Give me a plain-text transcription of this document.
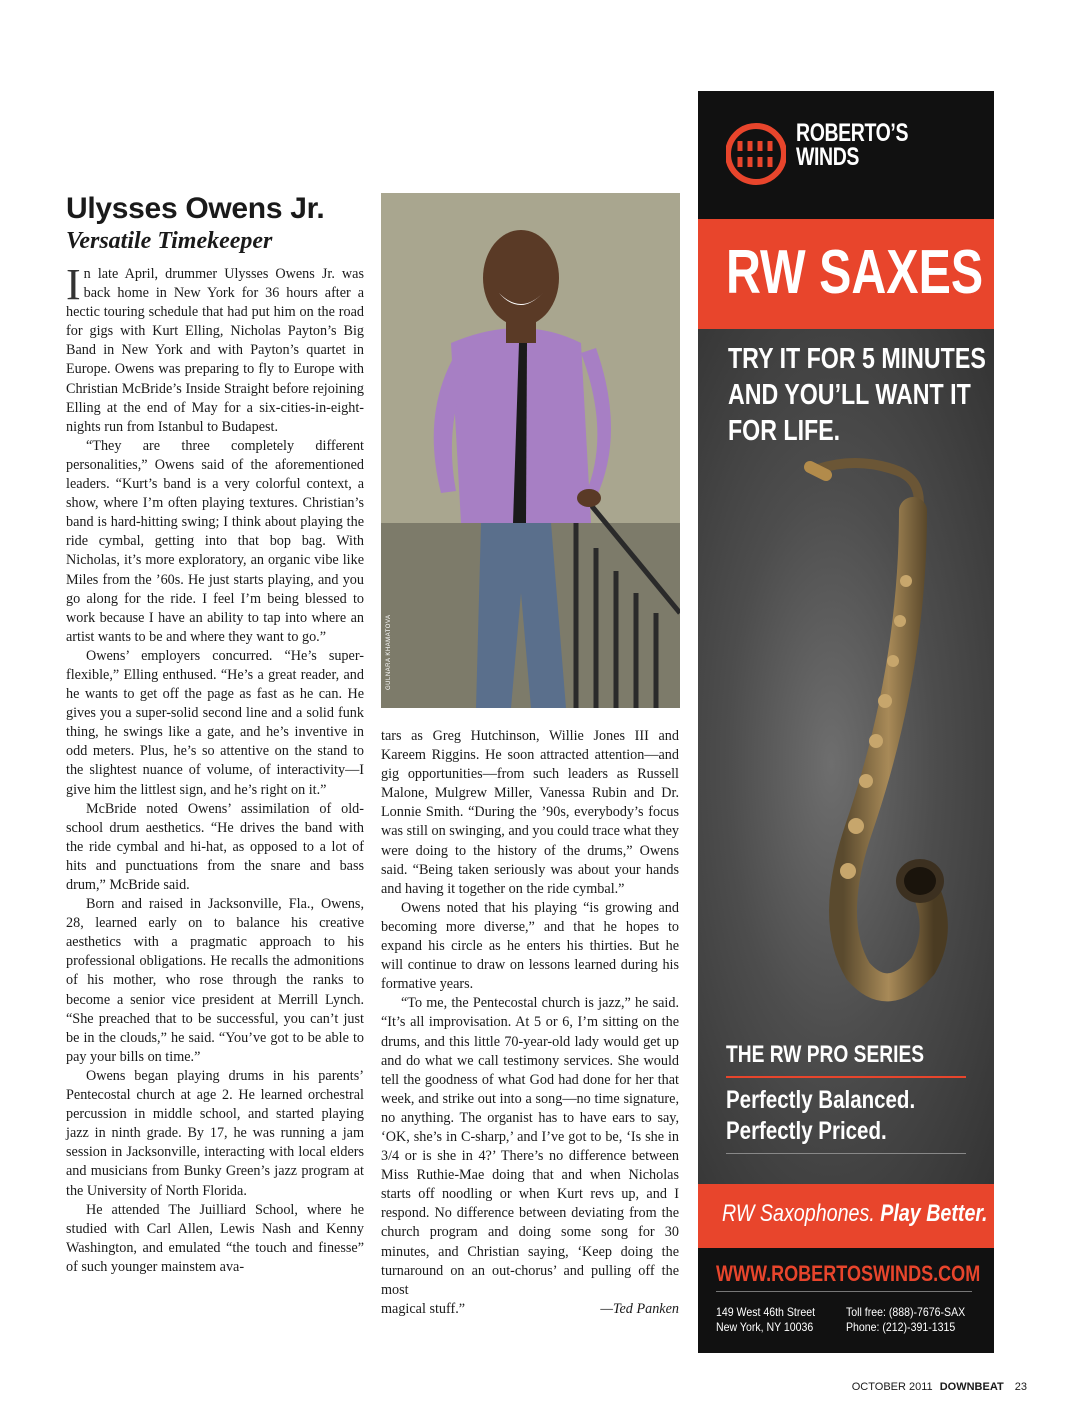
Ulysses Owens Jr.
Versatile Timekeeper

In late April, drummer Ulysses Owens Jr. was back home in New York for 36 hours after a hectic touring schedule that had put him on the road for gigs with Kurt Elling, Nicholas Payton’s Big Band in New York and with Payton’s quartet in Europe. Owens was preparing to fly to Europe with Christian McBride’s Inside Straight before rejoining Elling at the end of May for a six-cities-in-eight-nights run from Istanbul to Budapest.

“They are three completely different personalities,” Owens said of the aforementioned leaders. “Kurt’s band is a very colorful context, a show, where I’m often playing textures. Christian’s band is hard-hitting swing; I think about playing the ride cymbal, getting into that bop bag. With Nicholas, it’s more exploratory, an organic vibe like Miles from the ’60s. He just starts playing, and you go along for the ride. I feel I’m being blessed to work because I have an ability to tap into where an artist wants to be and where they want to go.”

Owens’ employers concurred. “He’s super-flexible,” Elling enthused. “He’s a great reader, and he wants to get off the page as fast as he can. He gives you a super-solid second line and a solid funk thing, he swings like a gate, and he’s inventive in odd meters. Plus, he’s so attentive on the stand to the slightest nuance of volume, of interactivity—I give him the littlest sign, and he’s right on it.”

McBride noted Owens’ assimilation of old-school drum aesthetics. “He drives the band with the ride cymbal and hi-hat, as opposed to a lot of hits and punctuations from the snare and bass drum,” McBride said.

Born and raised in Jacksonville, Fla., Owens, 28, learned early on to balance his creative aesthetics with a pragmatic approach to his professional obligations. He recalls the admonitions of his mother, who rose through the ranks to become a senior vice president at Merrill Lynch. “She preached that to be successful, you can’t just be in the clouds,” he said. “You’ve got to be able to pay your bills on time.”

Owens began playing drums in his parents’ Pentecostal church at age 2. He learned orchestral percussion in middle school, and started playing jazz in ninth grade. By 17, he was running a jam session in Jacksonville, interacting with local elders and musicians from Bunky Green’s jazz program at the University of North Florida.

He attended The Juilliard School, where he studied with Carl Allen, Lewis Nash and Kenny Washington, and emulated “the touch and finesse” of such younger mainstem ava-

GULNARA KHAMATOVA

tars as Greg Hutchinson, Willie Jones III and Kareem Riggins. He soon attracted attention—and gig opportunities—from such leaders as Russell Malone, Mulgrew Miller, Vanessa Rubin and Dr. Lonnie Smith. “During the ’90s, everybody’s focus was still on swinging, and you could trace what they were doing to the history of the drums,” Owens said. “Being taken seriously was about your hands and having it together on the ride cymbal.”

Owens noted that his playing “is growing and becoming more diverse,” and that he hopes to expand his circle as he enters his thirties. But he will continue to draw on lessons learned during his formative years.

“To me, the Pentecostal church is jazz,” he said. “It’s all improvisation. At 5 or 6, I’m sitting on the drums, and this little 70-year-old lady would get up and do what we call testimony services. She would tell the goodness of what God had done for her that week, and strike out into a song—no time signature, no anything. The organist has to have ears to say, ‘OK, she’s in C-sharp,’ and I’ve got to be, ‘Is she in 3/4 or is she in 4?’ There’s no difference between Miss Ruthie-Mae doing that and when Nicholas starts off noodling or when Kurt revs up, and I respond. No difference between deviating from the church program and doing some song for 30 minutes, and Christian saying, ‘Keep doing the turnaround on an out-chorus’ and pulling off the most

magical stuff.”	—Ted Panken

ROBERTO’S
WINDS
RW SAXES
TRY IT FOR 5 MINUTES
AND YOU’LL WANT IT
FOR LIFE.
THE RW PRO SERIES
Perfectly Balanced.
Perfectly Priced.
RW Saxophones. Play Better.
WWW.ROBERTOSWINDS.COM
149 West 46th Street
New York, NY 10036
Toll free: (888)-7676-SAX
Phone: (212)-391-1315
OCTOBER 2011 DOWNBEAT 23
